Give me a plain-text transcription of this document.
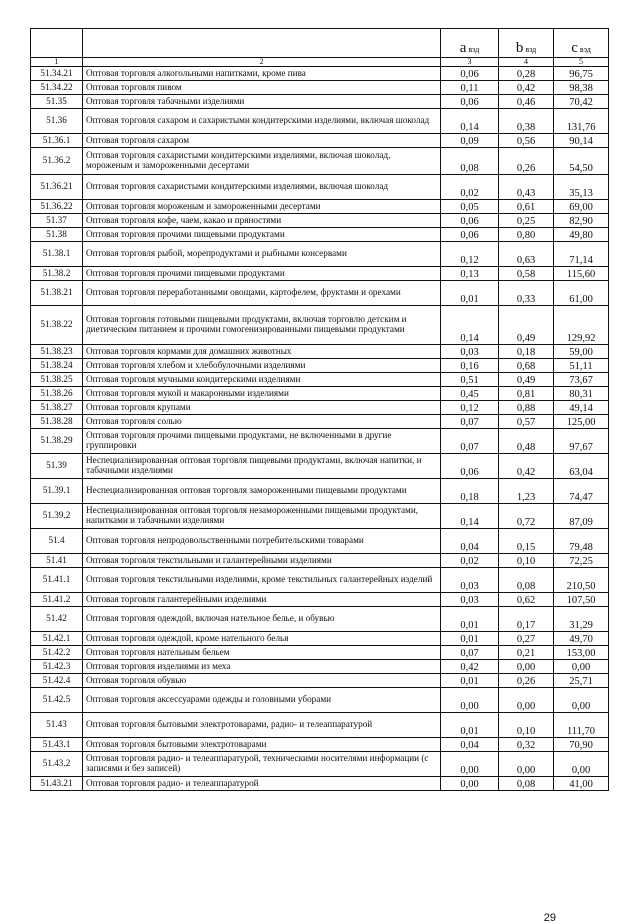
		a вэд	b вэд	c вэд
1	2	3	4	5
51.34.21	Оптовая торговля алкогольными напитками, кроме пива	0,06	0,28	96,75
51.34.22	Оптовая торговля пивом	0,11	0,42	98,38
51.35	Оптовая торговля табачными изделиями	0,06	0,46	70,42
51.36	Оптовая торговля сахаром и сахаристыми кондитерскими изделиями, включая шоколад	0,14	0,38	131,76
51.36.1	Оптовая торговля сахаром	0,09	0,56	90,14
51.36.2	Оптовая торговля сахаристыми кондитерскими изделиями, включая шоколад, мороженым и замороженными десертами	0,08	0,26	54,50
51.36.21	Оптовая торговля сахаристыми кондитерскими изделиями, включая шоколад	0,02	0,43	35,13
51.36.22	Оптовая торговля мороженым и замороженными десертами	0,05	0,61	69,00
51.37	Оптовая торговля кофе, чаем, какао и пряностями	0,06	0,25	82,90
51.38	Оптовая торговля прочими пищевыми продуктами	0,06	0,80	49,80
51.38.1	Оптовая торговля рыбой, морепродуктами и рыбными консервами	0,12	0,63	71,14
51.38.2	Оптовая торговля прочими пищевыми продуктами	0,13	0,58	115,60
51.38.21	Оптовая торговля переработанными овощами, картофелем, фруктами и орехами	0,01	0,33	61,00
51.38.22	Оптовая торговля готовыми пищевыми продуктами, включая торговлю детским и диетическим питанием и прочими гомогенизированными пищевыми продуктами	0,14	0,49	129,92
51.38.23	Оптовая торговля кормами для домашних животных	0,03	0,18	59,00
51.38.24	Оптовая торговля хлебом и хлебобулочными изделиями	0,16	0,68	51,11
51.38.25	Оптовая торговля мучными кондитерскими изделиями	0,51	0,49	73,67
51.38.26	Оптовая торговля мукой и макаронными изделиями	0,45	0,81	80,31
51.38.27	Оптовая торговля крупами	0,12	0,88	49,14
51.38.28	Оптовая торговля солью	0,07	0,57	125,00
51.38.29	Оптовая торговля прочими пищевыми продуктами, не включенными в другие группировки	0,07	0,48	97,67
51.39	Неспециализированная оптовая торговля пищевыми продуктами, включая напитки, и табачными изделиями	0,06	0,42	63,04
51.39.1	Неспециализированная оптовая торговля замороженными пищевыми продуктами	0,18	1,23	74,47
51.39.2	Неспециализированная оптовая торговля незамороженными пищевыми продуктами, напитками и табачными изделиями	0,14	0,72	87,09
51.4	Оптовая торговля непродовольственными потребительскими товарами	0,04	0,15	79,48
51.41	Оптовая торговля текстильными и галантерейными изделиями	0,02	0,10	72,25
51.41.1	Оптовая торговля текстильными изделиями, кроме текстильных галантерейных изделий	0,03	0,08	210,50
51.41.2	Оптовая торговля галантерейными изделиями	0,03	0,62	107,50
51.42	Оптовая торговля одеждой, включая нательное белье, и обувью	0,01	0,17	31,29
51.42.1	Оптовая торговля одеждой, кроме нательного белья	0,01	0,27	49,70
51.42.2	Оптовая торговля нательным бельем	0,07	0,21	153,00
51.42.3	Оптовая торговля изделиями из меха	0,42	0,00	0,00
51.42.4	Оптовая торговля обувью	0,01	0,26	25,71
51.42.5	Оптовая торговля аксессуарами одежды и головными уборами	0,00	0,00	0,00
51.43	Оптовая торговля бытовыми электротоварами, радио- и телеаппаратурой	0,01	0,10	111,70
51.43.1	Оптовая торговля бытовыми электротоварами	0,04	0,32	70,90
51.43.2	Оптовая торговля радио- и телеаппаратурой, техническими носителями информации (с записями и без записей)	0,00	0,00	0,00
51.43.21	Оптовая торговля радио- и телеаппаратурой	0,00	0,08	41,00
29
